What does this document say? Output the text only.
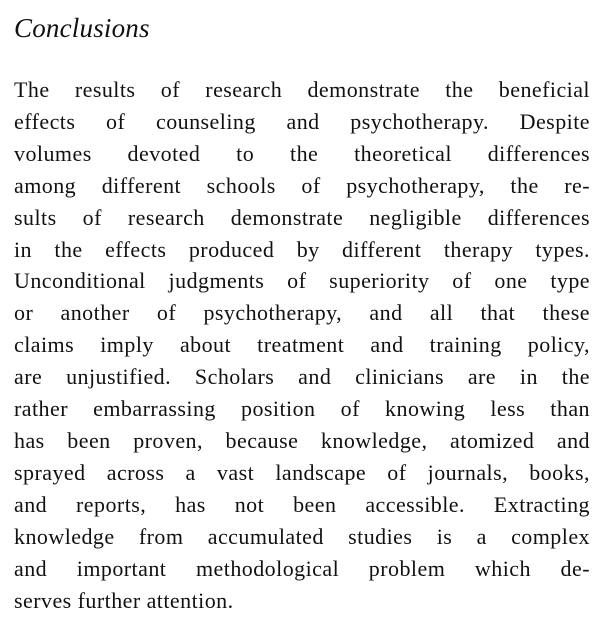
Conclusions
The results of research demonstrate the beneficial
effects of counseling and psychotherapy. Despite
volumes devoted to the theoretical differences
among different schools of psychotherapy, the re-
sults of research demonstrate negligible differences
in the effects produced by different therapy types.
Unconditional judgments of superiority of one type
or another of psychotherapy, and all that these
claims imply about treatment and training policy,
are unjustified. Scholars and clinicians are in the
rather embarrassing position of knowing less than
has been proven, because knowledge, atomized and
sprayed across a vast landscape of journals, books,
and reports, has not been accessible. Extracting
knowledge from accumulated studies is a complex
and important methodological problem which de-
serves further attention.
